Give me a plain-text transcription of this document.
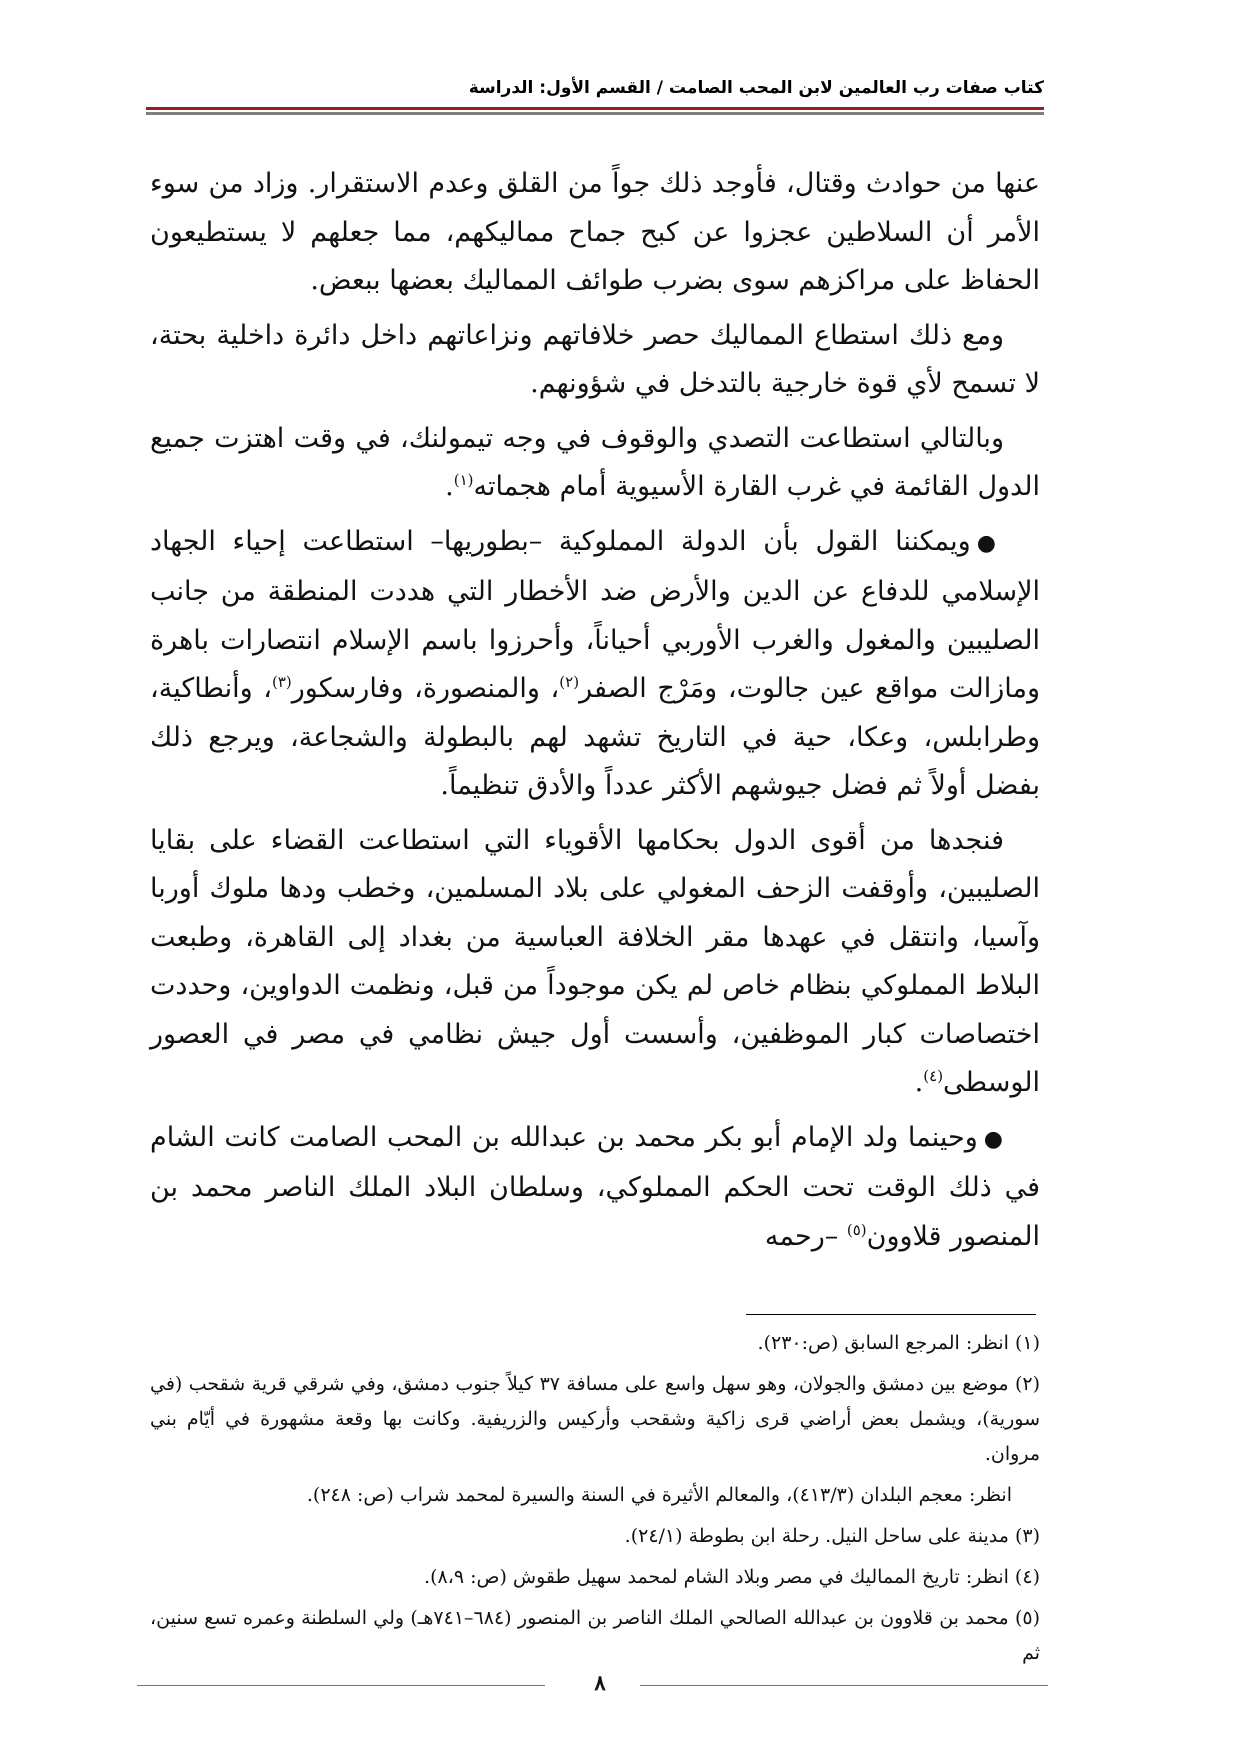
كتاب صفات رب العالمين لابن المحب الصامت / القسم الأول: الدراسة

عنها من حوادث وقتال، فأوجد ذلك جواً من القلق وعدم الاستقرار. وزاد من سوء الأمر أن السلاطين عجزوا عن كبح جماح مماليكهم، مما جعلهم لا يستطيعون الحفاظ على مراكزهم سوى بضرب طوائف المماليك بعضها ببعض.

ومع ذلك استطاع المماليك حصر خلافاتهم ونزاعاتهم داخل دائرة داخلية بحتة، لا تسمح لأي قوة خارجية بالتدخل في شؤونهم.

وبالتالي استطاعت التصدي والوقوف في وجه تيمولنك، في وقت اهتزت جميع الدول القائمة في غرب القارة الأسيوية أمام هجماته$^{(١)}$.

●ويمكننا القول بأن الدولة المملوكية –بطوريها– استطاعت إحياء الجهاد الإسلامي للدفاع عن الدين والأرض ضد الأخطار التي هددت المنطقة من جانب الصليبين والمغول والغرب الأوربي أحياناً، وأحرزوا باسم الإسلام انتصارات باهرة ومازالت مواقع عين جالوت، ومَرْج الصفر$^{(٢)}$، والمنصورة، وفارسكور$^{(٣)}$، وأنطاكية، وطرابلس، وعكا، حية في التاريخ تشهد لهم بالبطولة والشجاعة، ويرجع ذلك بفضل أولاً ثم فضل جيوشهم الأكثر عدداً والأدق تنظيماً.

فنجدها من أقوى الدول بحكامها الأقوياء التي استطاعت القضاء على بقايا الصليبين، وأوقفت الزحف المغولي على بلاد المسلمين، وخطب ودها ملوك أوربا وآسيا، وانتقل في عهدها مقر الخلافة العباسية من بغداد إلى القاهرة، وطبعت البلاط المملوكي بنظام خاص لم يكن موجوداً من قبل، ونظمت الدواوين، وحددت اختصاصات كبار الموظفين، وأسست أول جيش نظامي في مصر في العصور الوسطى$^{(٤)}$.

●وحينما ولد الإمام أبو بكر محمد بن عبدالله بن المحب الصامت كانت الشام في ذلك الوقت تحت الحكم المملوكي، وسلطان البلاد الملك الناصر محمد بن المنصور قلاوون$^{(٥)}$ –رحمه

(١) انظر: المرجع السابق (ص:٢٣٠).

(٢) موضع بين دمشق والجولان، وهو سهل واسع على مسافة ٣٧ كيلاً جنوب دمشق، وفي شرقي قرية شقحب (في سورية)، ويشمل بعض أراضي قرى زاكية وشقحب وأركيس والزريفية. وكانت بها وقعة مشهورة في أيّام بني مروان.

انظر: معجم البلدان (٤١٣/٣)، والمعالم الأثيرة في السنة والسيرة لمحمد شراب (ص: ٢٤٨).

(٣) مدينة على ساحل النيل. رحلة ابن بطوطة (٢٤/١).

(٤) انظر: تاريخ المماليك في مصر وبلاد الشام لمحمد سهيل طقوش (ص: ٨،٩).

(٥) محمد بن قلاوون بن عبدالله الصالحي الملك الناصر بن المنصور (٦٨٤–٧٤١هـ) ولي السلطنة وعمره تسع سنين، ثم

٨
